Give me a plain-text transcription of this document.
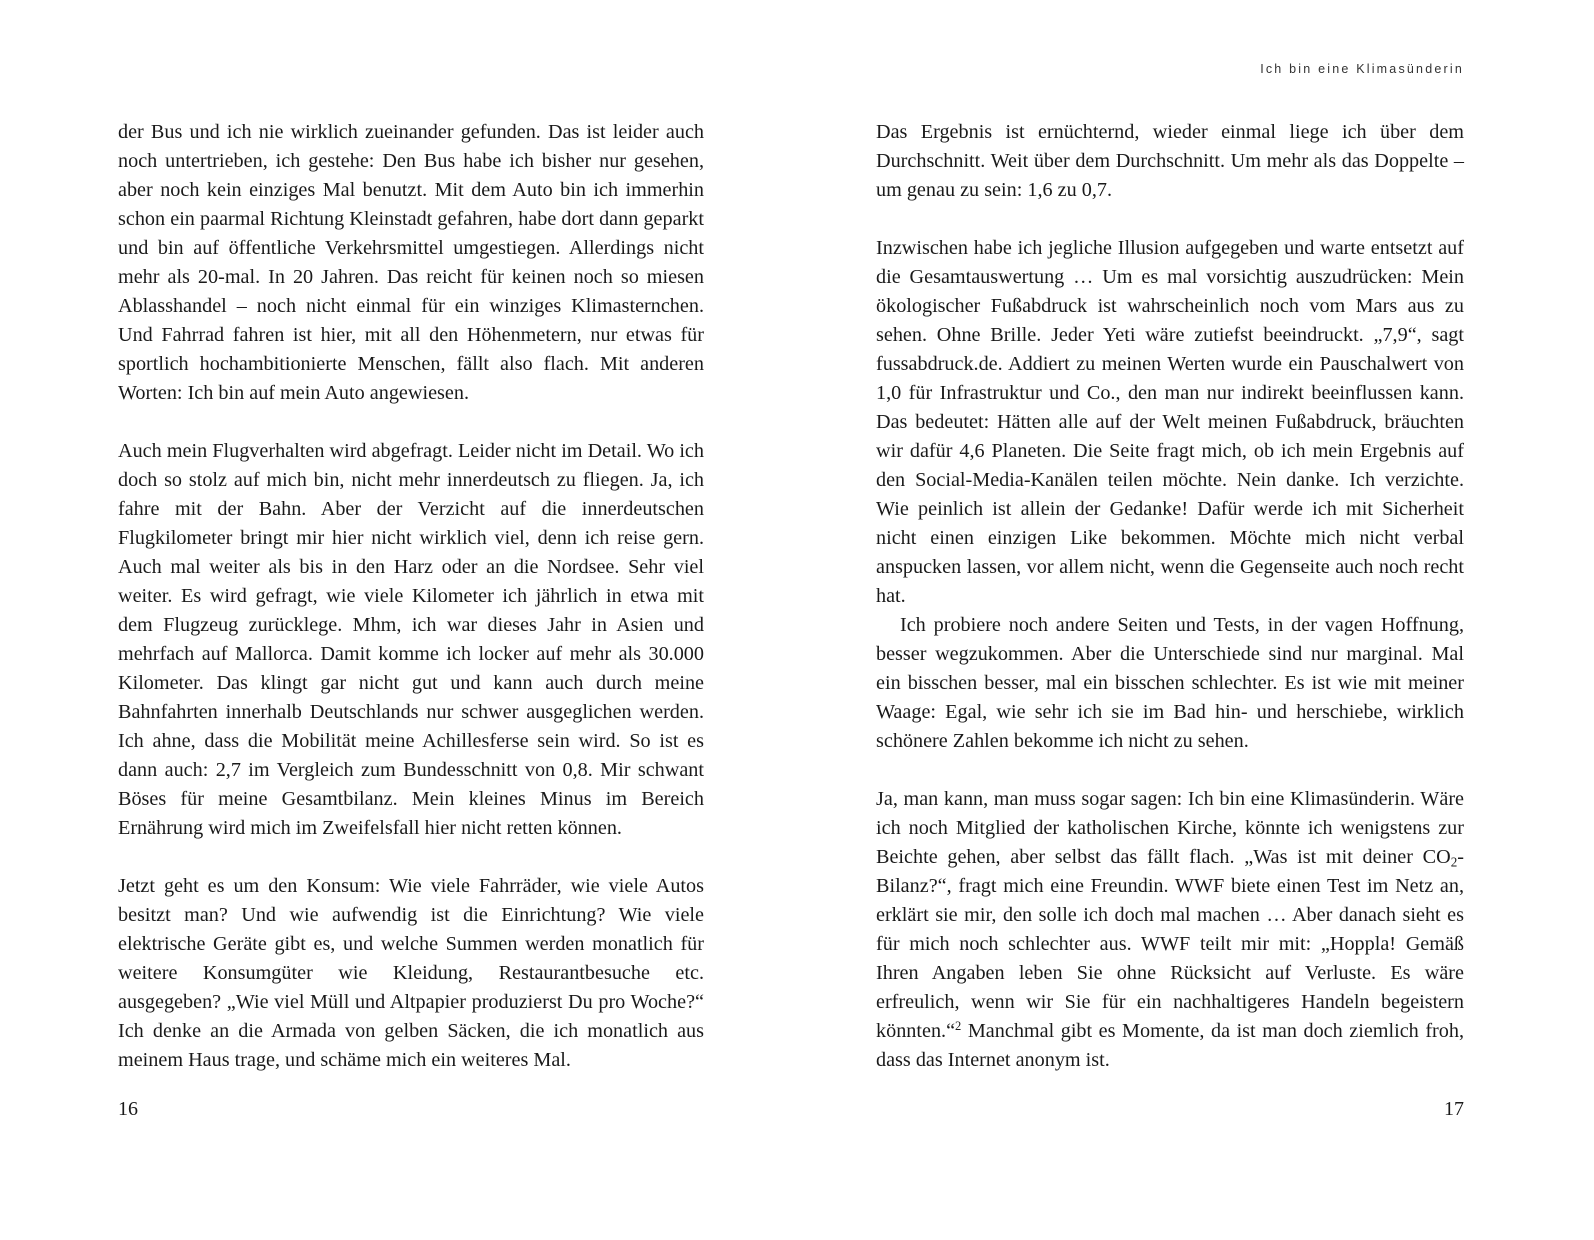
der Bus und ich nie wirklich zueinander gefunden. Das ist leider auch noch untertrieben, ich gestehe: Den Bus habe ich bisher nur gesehen, aber noch kein einziges Mal benutzt. Mit dem Auto bin ich immerhin schon ein paarmal Richtung Kleinstadt gefahren, habe dort dann geparkt und bin auf öffentliche Verkehrsmittel umgestiegen. Allerdings nicht mehr als 20-mal. In 20 Jahren. Das reicht für keinen noch so miesen Ablasshandel – noch nicht einmal für ein winziges Klimasternchen. Und Fahrrad fahren ist hier, mit all den Höhenmetern, nur etwas für sportlich hochambitionierte Menschen, fällt also flach. Mit anderen Worten: Ich bin auf mein Auto angewiesen.

Auch mein Flugverhalten wird abgefragt. Leider nicht im Detail. Wo ich doch so stolz auf mich bin, nicht mehr innerdeutsch zu fliegen. Ja, ich fahre mit der Bahn. Aber der Verzicht auf die innerdeutschen Flugkilometer bringt mir hier nicht wirklich viel, denn ich reise gern. Auch mal weiter als bis in den Harz oder an die Nordsee. Sehr viel weiter. Es wird gefragt, wie viele Kilometer ich jährlich in etwa mit dem Flugzeug zurücklege. Mhm, ich war dieses Jahr in Asien und mehrfach auf Mallorca. Damit komme ich locker auf mehr als 30.000 Kilometer. Das klingt gar nicht gut und kann auch durch meine Bahnfahrten innerhalb Deutschlands nur schwer ausgeglichen werden. Ich ahne, dass die Mobilität meine Achillesferse sein wird. So ist es dann auch: 2,7 im Vergleich zum Bundesschnitt von 0,8. Mir schwant Böses für meine Gesamtbilanz. Mein kleines Minus im Bereich Ernährung wird mich im Zweifelsfall hier nicht retten können.

Jetzt geht es um den Konsum: Wie viele Fahrräder, wie viele Autos besitzt man? Und wie aufwendig ist die Einrichtung? Wie viele elektrische Geräte gibt es, und welche Summen werden monatlich für weitere Konsumgüter wie Kleidung, Restaurantbesuche etc. ausgegeben? „Wie viel Müll und Altpapier produzierst Du pro Woche?“ Ich denke an die Armada von gelben Säcken, die ich monatlich aus meinem Haus trage, und schäme mich ein weiteres Mal.

16
Ich bin eine Klimasünderin

Das Ergebnis ist ernüchternd, wieder einmal liege ich über dem Durchschnitt. Weit über dem Durchschnitt. Um mehr als das Doppelte – um genau zu sein: 1,6 zu 0,7.

Inzwischen habe ich jegliche Illusion aufgegeben und warte entsetzt auf die Gesamtauswertung … Um es mal vorsichtig auszudrücken: Mein ökologischer Fußabdruck ist wahrscheinlich noch vom Mars aus zu sehen. Ohne Brille. Jeder Yeti wäre zutiefst beeindruckt. „7,9“, sagt fussabdruck.de. Addiert zu meinen Werten wurde ein Pauschalwert von 1,0 für Infrastruktur und Co., den man nur indirekt beeinflussen kann. Das bedeutet: Hätten alle auf der Welt meinen Fußabdruck, bräuchten wir dafür 4,6 Planeten. Die Seite fragt mich, ob ich mein Ergebnis auf den Social-Media-Kanälen teilen möchte. Nein danke. Ich verzichte. Wie peinlich ist allein der Gedanke! Dafür werde ich mit Sicherheit nicht einen einzigen Like bekommen. Möchte mich nicht verbal anspucken lassen, vor allem nicht, wenn die Gegenseite auch noch recht hat.

Ich probiere noch andere Seiten und Tests, in der vagen Hoffnung, besser wegzukommen. Aber die Unterschiede sind nur marginal. Mal ein bisschen besser, mal ein bisschen schlechter. Es ist wie mit meiner Waage: Egal, wie sehr ich sie im Bad hin- und herschiebe, wirklich schönere Zahlen bekomme ich nicht zu sehen.

Ja, man kann, man muss sogar sagen: Ich bin eine Klimasünderin. Wäre ich noch Mitglied der katholischen Kirche, könnte ich wenigstens zur Beichte gehen, aber selbst das fällt flach. „Was ist mit deiner $CO_2-Bilanz?“$, fragt mich eine Freundin. WWF biete einen Test im Netz an, erklärt sie mir, den solle ich doch mal machen … Aber danach sieht es für mich noch schlechter aus. WWF teilt mir mit: „Hoppla! Gemäß Ihren Angaben leben Sie ohne Rücksicht auf Verluste. Es wäre erfreulich, wenn wir Sie für ein nachhaltigeres Handeln begeistern könnten.“$^2$ Manchmal gibt es Momente, da ist man doch ziemlich froh, dass das Internet anonym ist.

17
